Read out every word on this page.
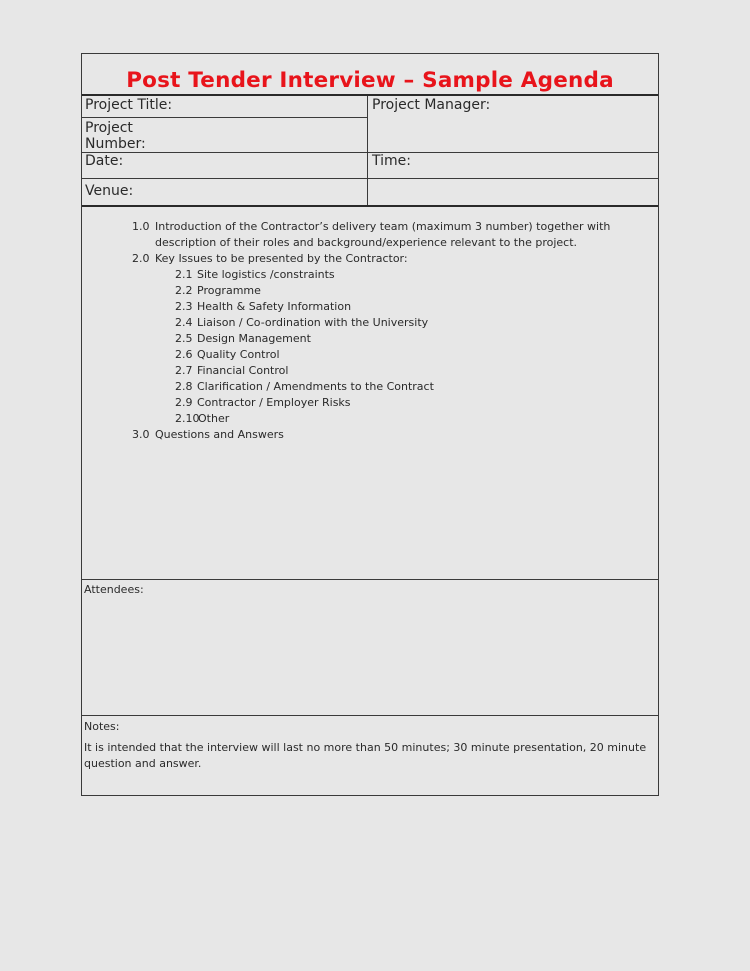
Post Tender Interview – Sample Agenda
Project Title:	Project Manager:
Project
Number:
Date:	Time:
Venue:
1.0 Introduction of the Contractor’s delivery team (maximum 3 number) together with
description of their roles and background/experience relevant to the project.
2.0 Key Issues to be presented by the Contractor:
2.1 Site logistics /constraints
2.2 Programme
2.3 Health & Safety Information
2.4 Liaison / Co-ordination with the University
2.5 Design Management
2.6 Quality Control
2.7 Financial Control
2.8 Clarification / Amendments to the Contract
2.9 Contractor / Employer Risks
2.10
Other
3.0 Questions and Answers
Attendees:
Notes:
It is intended that the interview will last no more than 50 minutes; 30 minute presentation, 20 minute question and answer.
